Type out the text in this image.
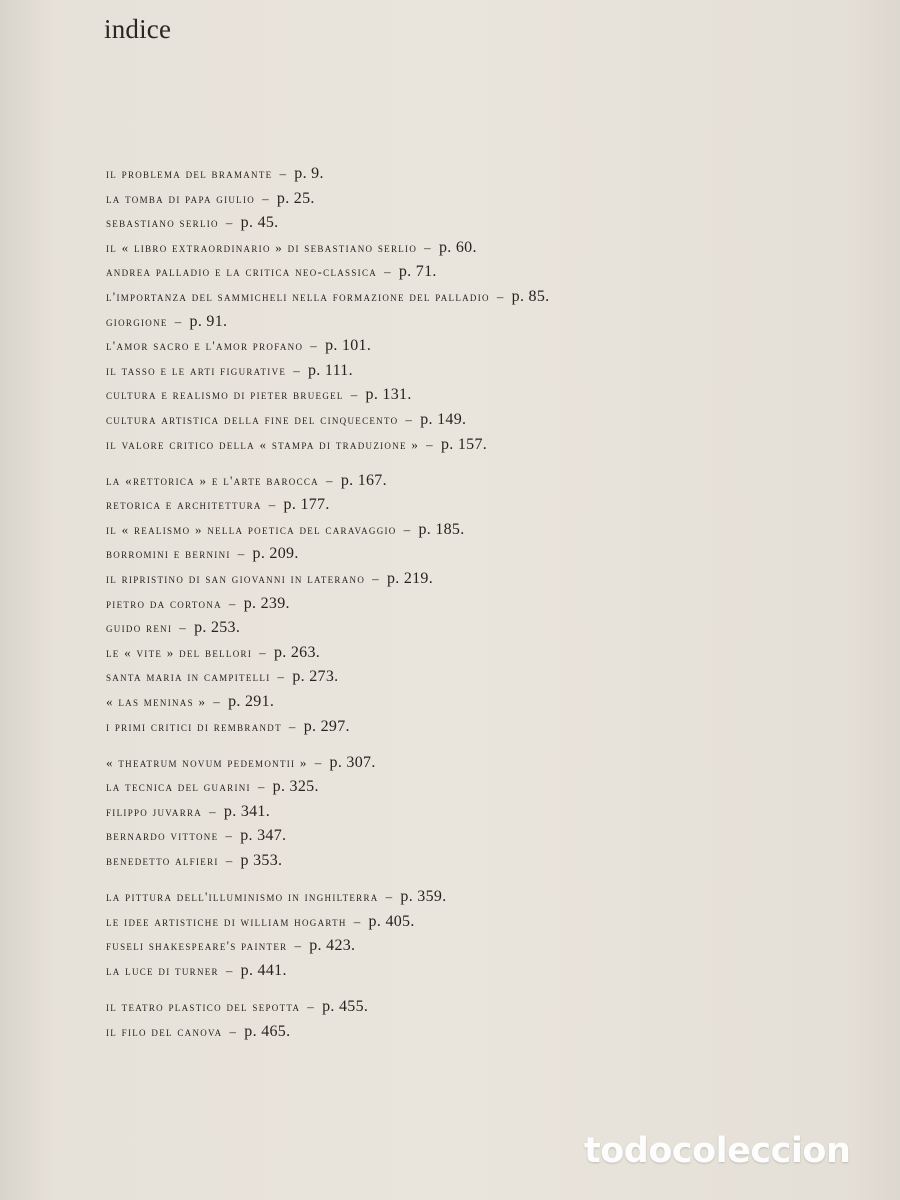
indice
il problema del bramante – p. 9.
la tomba di papa giulio – p. 25.
sebastiano serlio – p. 45.
il « libro extraordinario » di sebastiano serlio – p. 60.
andrea palladio e la critica neo-classica – p. 71.
l'importanza del sammicheli nella formazione del palladio – p. 85.
giorgione – p. 91.
l'amor sacro e l'amor profano – p. 101.
il tasso e le arti figurative – p. 111.
cultura e realismo di pieter bruegel – p. 131.
cultura artistica della fine del cinquecento – p. 149.
il valore critico della « stampa di traduzione » – p. 157.
la «rettorica » e l'arte barocca – p. 167.
retorica e architettura – p. 177.
il « realismo » nella poetica del caravaggio – p. 185.
borromini e bernini – p. 209.
il ripristino di san giovanni in laterano – p. 219.
pietro da cortona – p. 239.
guido reni – p. 253.
le « vite » del bellori – p. 263.
santa maria in campitelli – p. 273.
« las meninas » – p. 291.
i primi critici di rembrandt – p. 297.
« theatrum novum pedemontii » – p. 307.
la tecnica del guarini – p. 325.
filippo juvarra – p. 341.
bernardo vittone – p. 347.
benedetto alfieri – p 353.
la pittura dell'illuminismo in inghilterra – p. 359.
le idee artistiche di william hogarth – p. 405.
fuseli shakespeare's painter – p. 423.
la luce di turner – p. 441.
il teatro plastico del sepotta – p. 455.
il filo del canova – p. 465.
todocoleccion
